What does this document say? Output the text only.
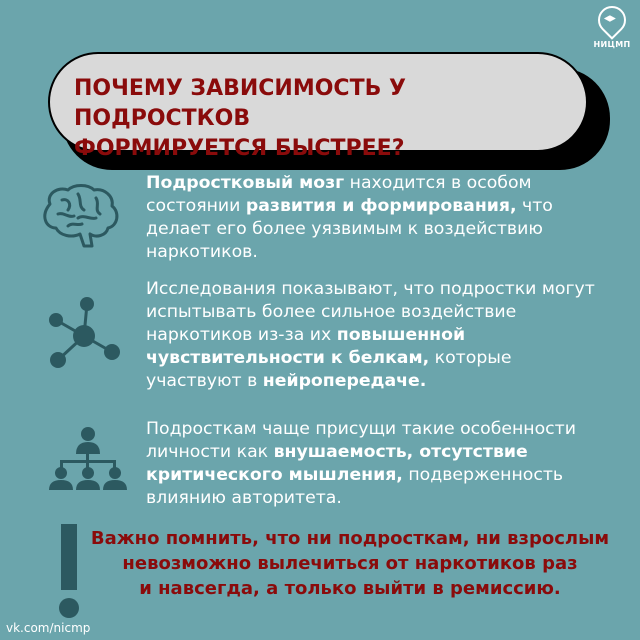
НИЦМП
ПОЧЕМУ ЗАВИСИМОСТЬ У ПОДРОСТКОВ
ФОРМИРУЕТСЯ БЫСТРЕЕ?
Подростковый мозг находится в особом состоянии развития и формирования, что делает его более уязвимым к воздействию наркотиков.
Исследования показывают, что подростки могут испытывать более сильное воздействие наркотиков из-за их повышенной чувствительности к белкам, которые участвуют в нейропередаче.
Подросткам чаще присущи такие особенности личности как внушаемость, отсутствие критического мышления, подверженность влиянию авторитета.
Важно помнить, что ни подросткам, ни взрослым
невозможно вылечиться от наркотиков раз
и навсегда, а только выйти в ремиссию.
vk.com/nicmp
